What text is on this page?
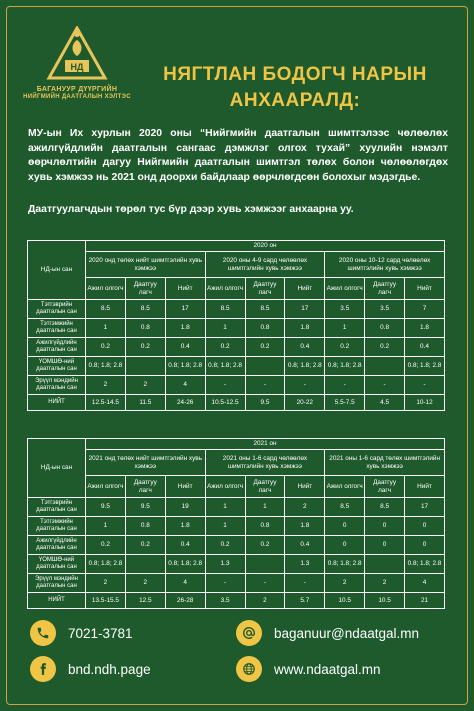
НД
БАГАНУУР ДҮҮРГИЙН
НИЙГМИЙН ДААТГАЛЫН ХЭЛТЭС
НЯГТЛАН БОДОГЧ НАРЫН
АНХААРАЛД:

МУ-ын Их хурлын 2020 оны “Нийгмийн даатгалын шимтгэлээс чөлөөлөх ажилгүйдлийн даатгалын сангаас дэмжлэг олгох тухай” хуулийн нэмэлт өөрчлөлтийн дагуу Нийгмийн даатгалын шимтгэл төлөх болон чөлөөлөгдөх хувь хэмжээ нь 2021 онд доорхи байдлаар өөрчлөгдсөн болохыг мэдэгдье.

Даатгуулагчдын төрөл тус бүр дээр хувь хэмжээг анхаарна уу.

НД-ын сан	2020 он								
	2020 онд төлөх нийт шимтгэлийн хувь хэмжээ			2020 оны 4-9 сард чөлөөлөх шимтгэлийн хувь хэмжээ			2020 оны 10-12 сард чөлөөлөх шимтгэлийн хувь хэмжээ		
	Ажил олгогч	Даатгуу лагч	Нийт	Ажил олгогч	Даатгуу лагч	Нийт	Ажил олгогч	Даатгуу лагч	Нийт
Тэтгэврийн даатгалын сан	8.5	8.5	17	8.5	8.5	17	3.5	3.5	7
Тэтгэмжийн даатгалын сан	1	0.8	1.8	1	0.8	1.8	1	0.8	1.8
Ажилгүйдлийн даатгалын сан	0.2	0.2	0.4	0.2	0.2	0.4	0.2	0.2	0.4
ҮОМШӨ-ний даатгалын сан	0.8; 1.8; 2.8		0.8; 1.8; 2.8	0.8; 1.8; 2.8		0.8; 1.8; 2.8	0.8; 1.8; 2.8		0.8; 1.8; 2.8
Эрүүл мэндийн даатгалын сан	2	2	4	-	-	-	-	-	-
НИЙТ	12.5-14.5	11.5	24-26	10.5-12.5	9.5	20-22	5.5-7.5	4.5	10-12
НД-ын сан	2021 он								
	2021 онд төлөх нийт шимтгэлийн хувь хэмжээ			2021 оны 1-6 сард чөлөөлөх шимтгэлийн хувь хэмжээ			2021 оны 1-6 сард төлөх шимтгэлийн хувь хэмжээ		
	Ажил олгогч	Даатгуу лагч	Нийт	Ажил олгогч	Даатгуу лагч	Нийт	Ажил олгогч	Даатгуу лагч	Нийт
Тэтгэврийн даатгалын сан	9.5	9.5	19	1	1	2	8.5	8.5	17
Тэтгэмжийн даатгалын сан	1	0.8	1.8	1	0.8	1.8	0	0	0
Ажилгүйдлийн даатгалын сан	0.2	0.2	0.4	0.2	0.2	0.4	0	0	0
ҮОМШӨ-ний даатгалын сан	0.8; 1.8; 2.8		0.8; 1.8; 2.8	1.3		1.3	0.8; 1.8; 2.8		0.8; 1.8; 2.8
Эрүүл мэндийн даатгалын сан	2	2	4	-	-	-	2	2	4
НИЙТ	13.5-15.5	12.5	26-28	3.5	2	5.7	10.5	10.5	21
7021-3781	baganuur@ndaatgal.mn
bnd.ndh.page	www.ndaatgal.mn
